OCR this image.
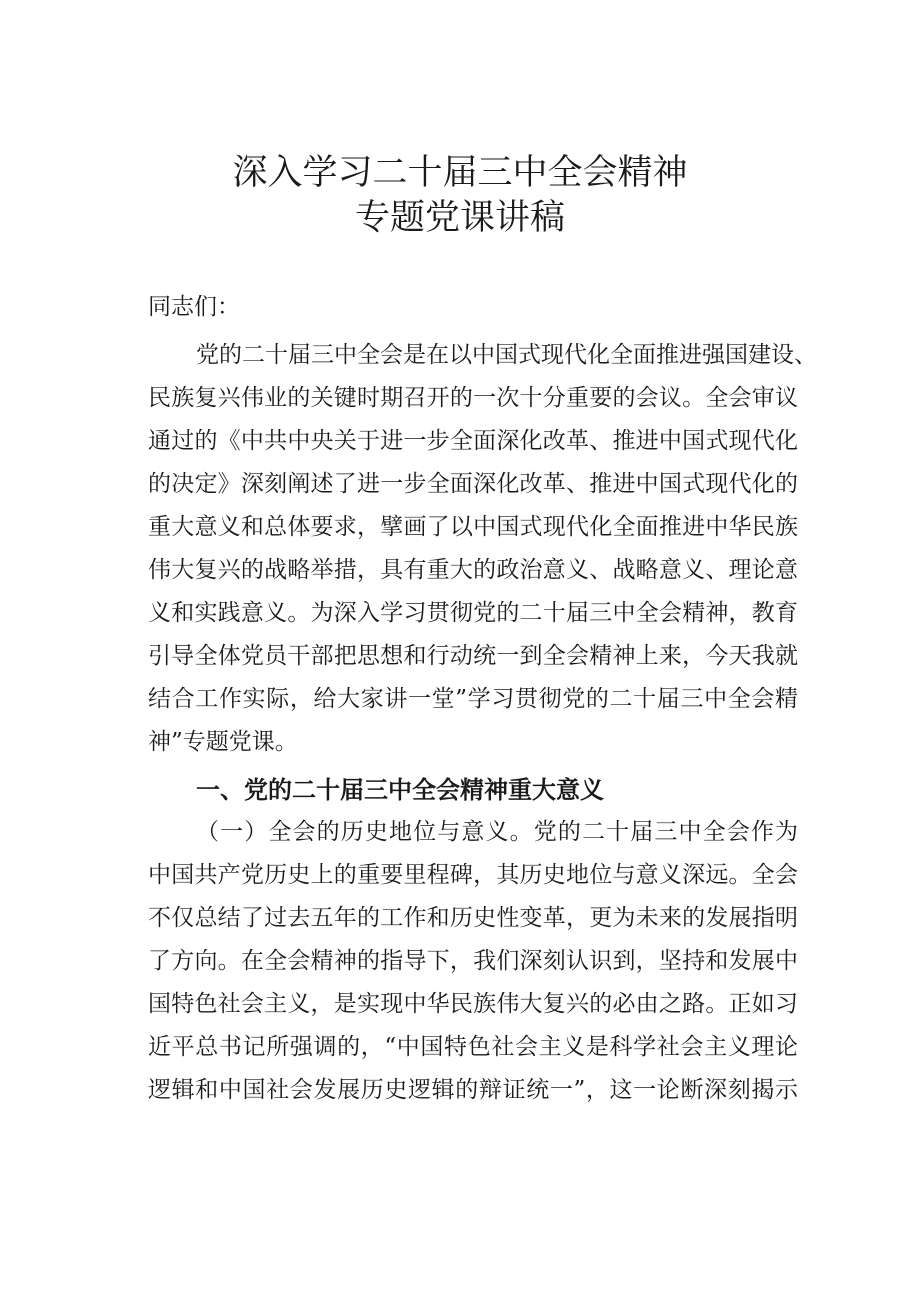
深入学习二十届三中全会精神
专题党课讲稿

同志们：

党的二十届三中全会是在以中国式现代化全面推进强国建设、

民族复兴伟业的关键时期召开的一次十分重要的会议。全会审议

通过的《中共中央关于进一步全面深化改革、推进中国式现代化

的决定》深刻阐述了进一步全面深化改革、推进中国式现代化的

重大意义和总体要求，擘画了以中国式现代化全面推进中华民族

伟大复兴的战略举措，具有重大的政治意义、战略意义、理论意

义和实践意义。为深入学习贯彻党的二十届三中全会精神，教育

引导全体党员干部把思想和行动统一到全会精神上来，今天我就

结合工作实际，给大家讲一堂”学习贯彻党的二十届三中全会精

神”专题党课。

一、党的二十届三中全会精神重大意义

（一）全会的历史地位与意义。党的二十届三中全会作为

中国共产党历史上的重要里程碑，其历史地位与意义深远。全会

不仅总结了过去五年的工作和历史性变革，更为未来的发展指明

了方向。在全会精神的指导下，我们深刻认识到，坚持和发展中

国特色社会主义，是实现中华民族伟大复兴的必由之路。正如习

近平总书记所强调的，“中国特色社会主义是科学社会主义理论

逻辑和中国社会发展历史逻辑的辩证统一”，这一论断深刻揭示
